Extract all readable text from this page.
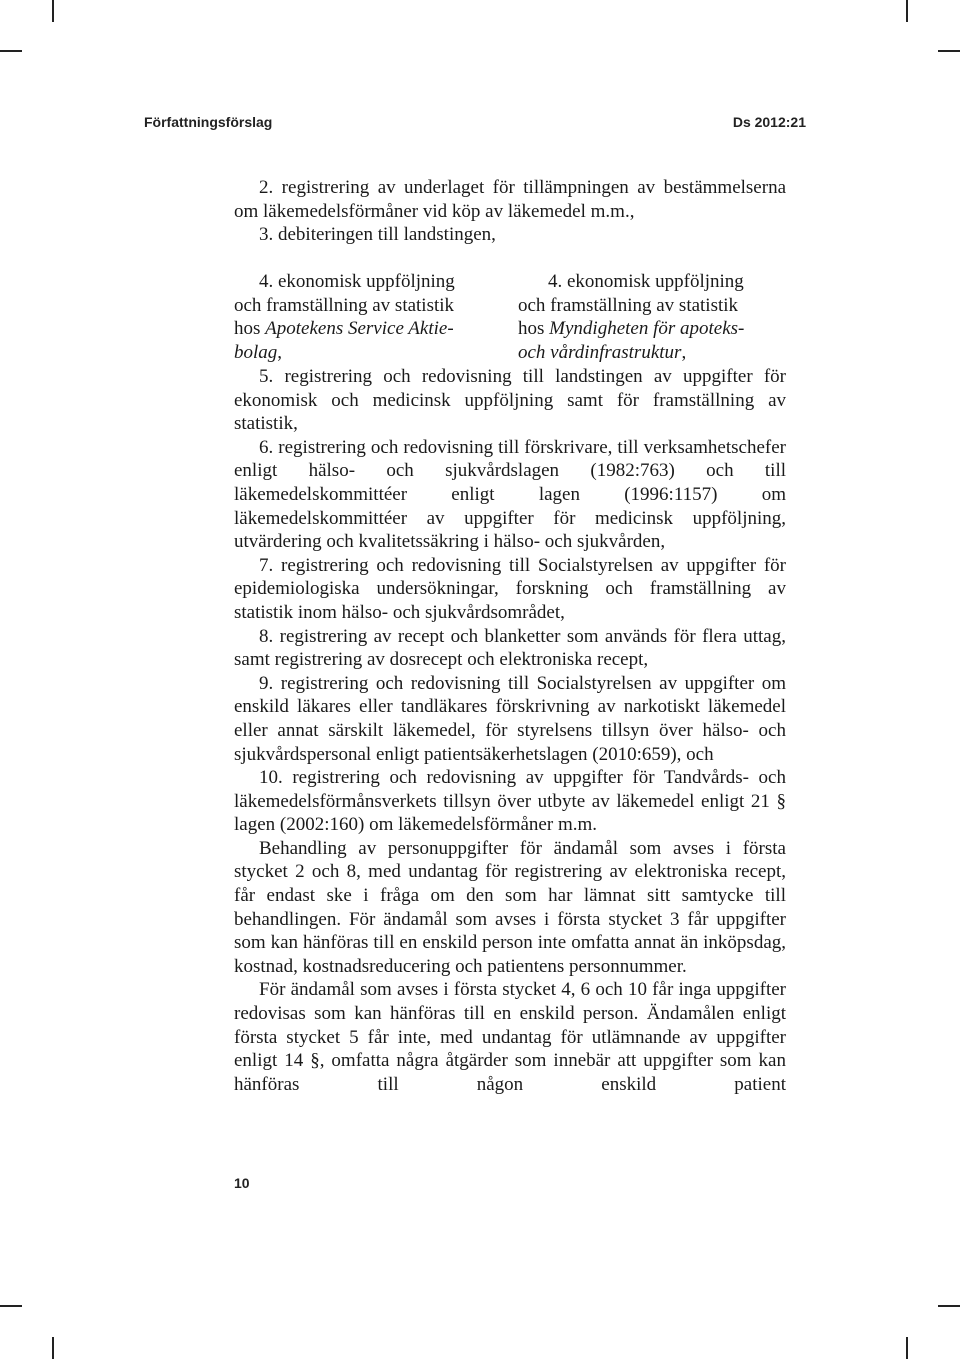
Författningsförslag	Ds 2012:21

2. registrering av underlaget för tillämpningen av bestämmelserna om läkemedelsförmåner vid köp av läkemedel m.m.,

3. debiteringen till landstingen,

4. ekonomisk uppföljning

och framställning av statistik

hos Apotekens Service Aktie-

bolag,

4. ekonomisk uppföljning

och framställning av statistik

hos Myndigheten för apoteks-

och vårdinfrastruktur,

5. registrering och redovisning till landstingen av uppgifter för ekonomisk och medicinsk uppföljning samt för framställning av statistik,

6. registrering och redovisning till förskrivare, till verksamhetschefer enligt hälso- och sjukvårdslagen (1982:763) och till läkemedelskommittéer enligt lagen (1996:1157) om läkemedelskommittéer av uppgifter för medicinsk uppföljning, utvärdering och kvalitetssäkring i hälso- och sjukvården,

7. registrering och redovisning till Socialstyrelsen av uppgifter för epidemiologiska undersökningar, forskning och framställning av statistik inom hälso- och sjukvårdsområdet,

8. registrering av recept och blanketter som används för flera uttag, samt registrering av dosrecept och elektroniska recept,

9. registrering och redovisning till Socialstyrelsen av uppgifter om enskild läkares eller tandläkares förskrivning av narkotiskt läkemedel eller annat särskilt läkemedel, för styrelsens tillsyn över hälso- och sjukvårdspersonal enligt patientsäkerhetslagen (2010:659), och

10. registrering och redovisning av uppgifter för Tandvårds- och läkemedelsförmånsverkets tillsyn över utbyte av läkemedel enligt 21 § lagen (2002:160) om läkemedelsförmåner m.m.

Behandling av personuppgifter för ändamål som avses i första stycket 2 och 8, med undantag för registrering av elektroniska recept, får endast ske i fråga om den som har lämnat sitt samtycke till behandlingen. För ändamål som avses i första stycket 3 får uppgifter som kan hänföras till en enskild person inte omfatta annat än inköpsdag, kostnad, kostnadsreducering och patientens personnummer.

För ändamål som avses i första stycket 4, 6 och 10 får inga uppgifter redovisas som kan hänföras till en enskild person. Ändamålen enligt första stycket 5 får inte, med undantag för utlämnande av uppgifter enligt 14 §, omfatta några åtgärder som innebär att uppgifter som kan hänföras till någon enskild patient

10
